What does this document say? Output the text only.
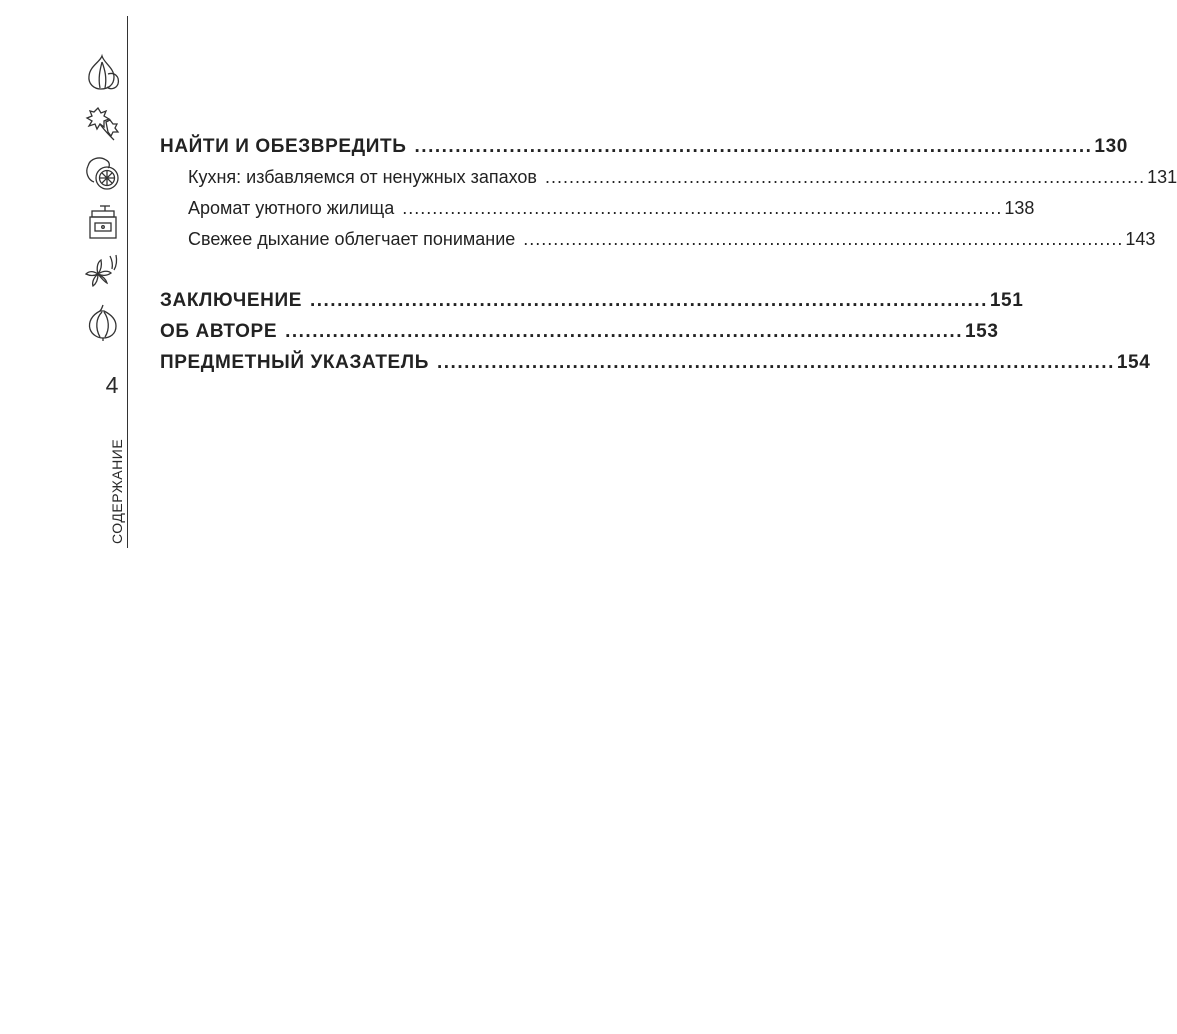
4
СОДЕРЖАНИЕ
НАЙТИ И ОБЕЗВРЕДИТЬ .................................................................................................... 130
Кухня: избавляемся от ненужных запахов .................................................................................................... 131
Аромат уютного жилища .................................................................................................... 138
Свежее дыхание облегчает понимание .................................................................................................... 143
ЗАКЛЮЧЕНИЕ .................................................................................................... 151
ОБ АВТОРЕ .................................................................................................... 153
ПРЕДМЕТНЫЙ УКАЗАТЕЛЬ .................................................................................................... 154
